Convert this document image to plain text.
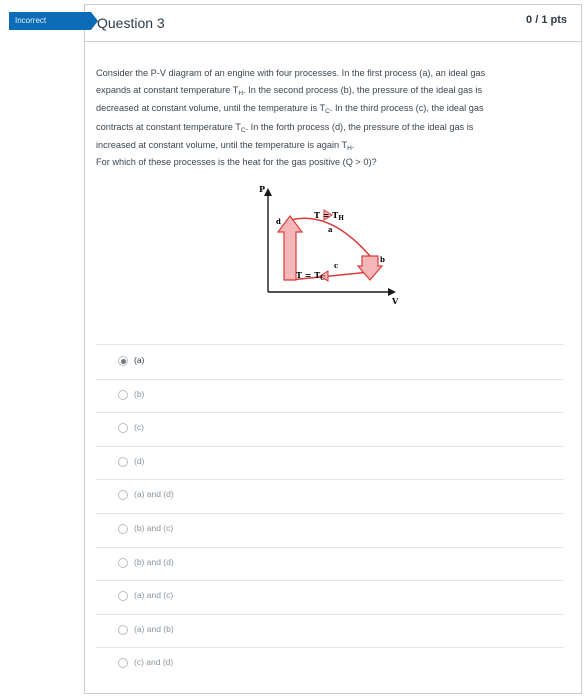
Question 3	0 / 1 pts
Incorrect
Consider the P-V diagram of an engine with four processes. In the first process (a), an ideal gas
expands at constant temperature $T_H$. In the second process (b), the pressure of the ideal gas is
decreased at constant volume, until the temperature is $T_C$. In the third process (c), the ideal gas
contracts at constant temperature $T_C$. In the forth process (d), the pressure of the ideal gas is
increased at constant volume, until the temperature is again $T_H$.
For which of these processes is the heat for the gas positive (Q > 0)?
P
V
a
b
c
d
$T = T_H$
$T = T_C$
(a)
(b)
(c)
(d)
(a) and (d)
(b) and (c)
(b) and (d)
(a) and (c)
(a) and (b)
(c) and (d)
